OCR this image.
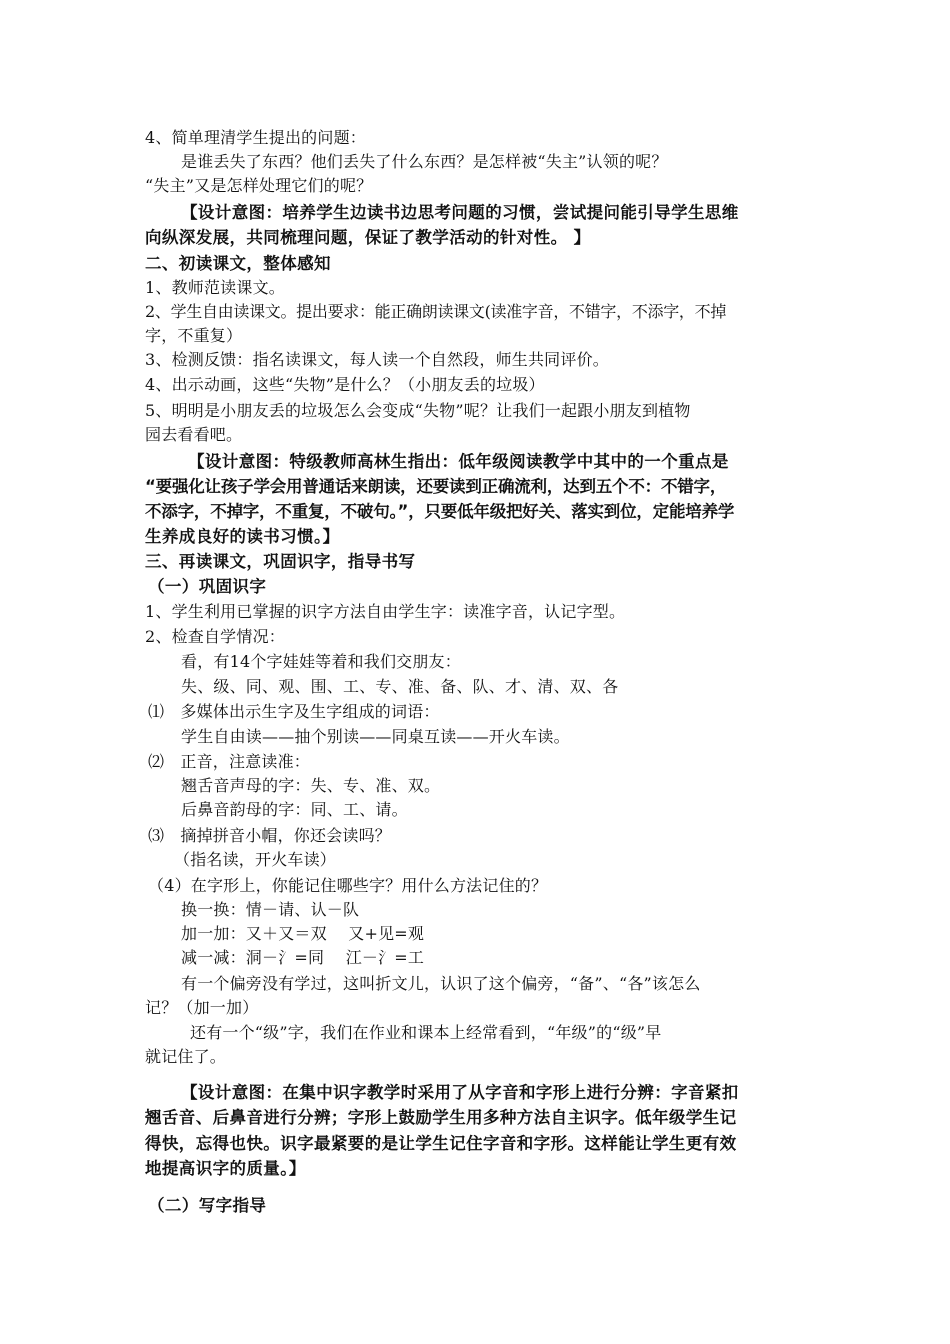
4、简单理清学生提出的问题：
是谁丢失了东西？他们丢失了什么东西？是怎样被“失主”认领的呢？
“失主”又是怎样处理它们的呢？
【设计意图：培养学生边读书边思考问题的习惯，尝试提问能引导学生思维
向纵深发展，共同梳理问题，保证了教学活动的针对性。 】
二、初读课文，整体感知
1、教师范读课文。
2、学生自由读课文。提出要求：能正确朗读课文(读准字音，不错字，不添字，不掉
字，不重复）
3、检测反馈：指名读课文，每人读一个自然段，师生共同评价。
4、出示动画，这些“失物”是什么？（小朋友丢的垃圾）
5、明明是小朋友丢的垃圾怎么会变成“失物”呢？让我们一起跟小朋友到植物
园去看看吧。
【设计意图：特级教师高林生指出：低年级阅读教学中其中的一个重点是
“要强化让孩子学会用普通话来朗读，还要读到正确流利，达到五个不：不错字，
不添字，不掉字，不重复，不破句。”，只要低年级把好关、落实到位，定能培养学
生养成良好的读书习惯。】
三、再读课文，巩固识字，指导书写
（一）巩固识字
1、学生利用已掌握的识字方法自由学生字：读准字音，认记字型。
2、检查自学情况：
看，有14个字娃娃等着和我们交朋友：
失、级、同、观、围、工、专、准、备、队、才、清、双、各
⑴　多媒体出示生字及生字组成的词语：
学生自由读——抽个别读——同桌互读——开火车读。
⑵　正音，注意读准：
翘舌音声母的字：失、专、准、双。
后鼻音韵母的字：同、工、请。
⑶　摘掉拼音小帽，你还会读吗？
（指名读，开火车读）
（4）在字形上，你能记住哪些字？用什么方法记住的？
换一换：情－请、认－队
加一加：又＋又＝双　 又+见=观
减一减：洞－氵=同　 江－氵=工
有一个偏旁没有学过，这叫折文儿，认识了这个偏旁，“备”、“各”该怎么
记？（加一加）
还有一个“级”字，我们在作业和课本上经常看到，“年级”的“级”早
就记住了。
【设计意图：在集中识字教学时采用了从字音和字形上进行分辨：字音紧扣
翘舌音、后鼻音进行分辨；字形上鼓励学生用多种方法自主识字。低年级学生记
得快，忘得也快。识字最紧要的是让学生记住字音和字形。这样能让学生更有效
地提高识字的质量。】
（二）写字指导
